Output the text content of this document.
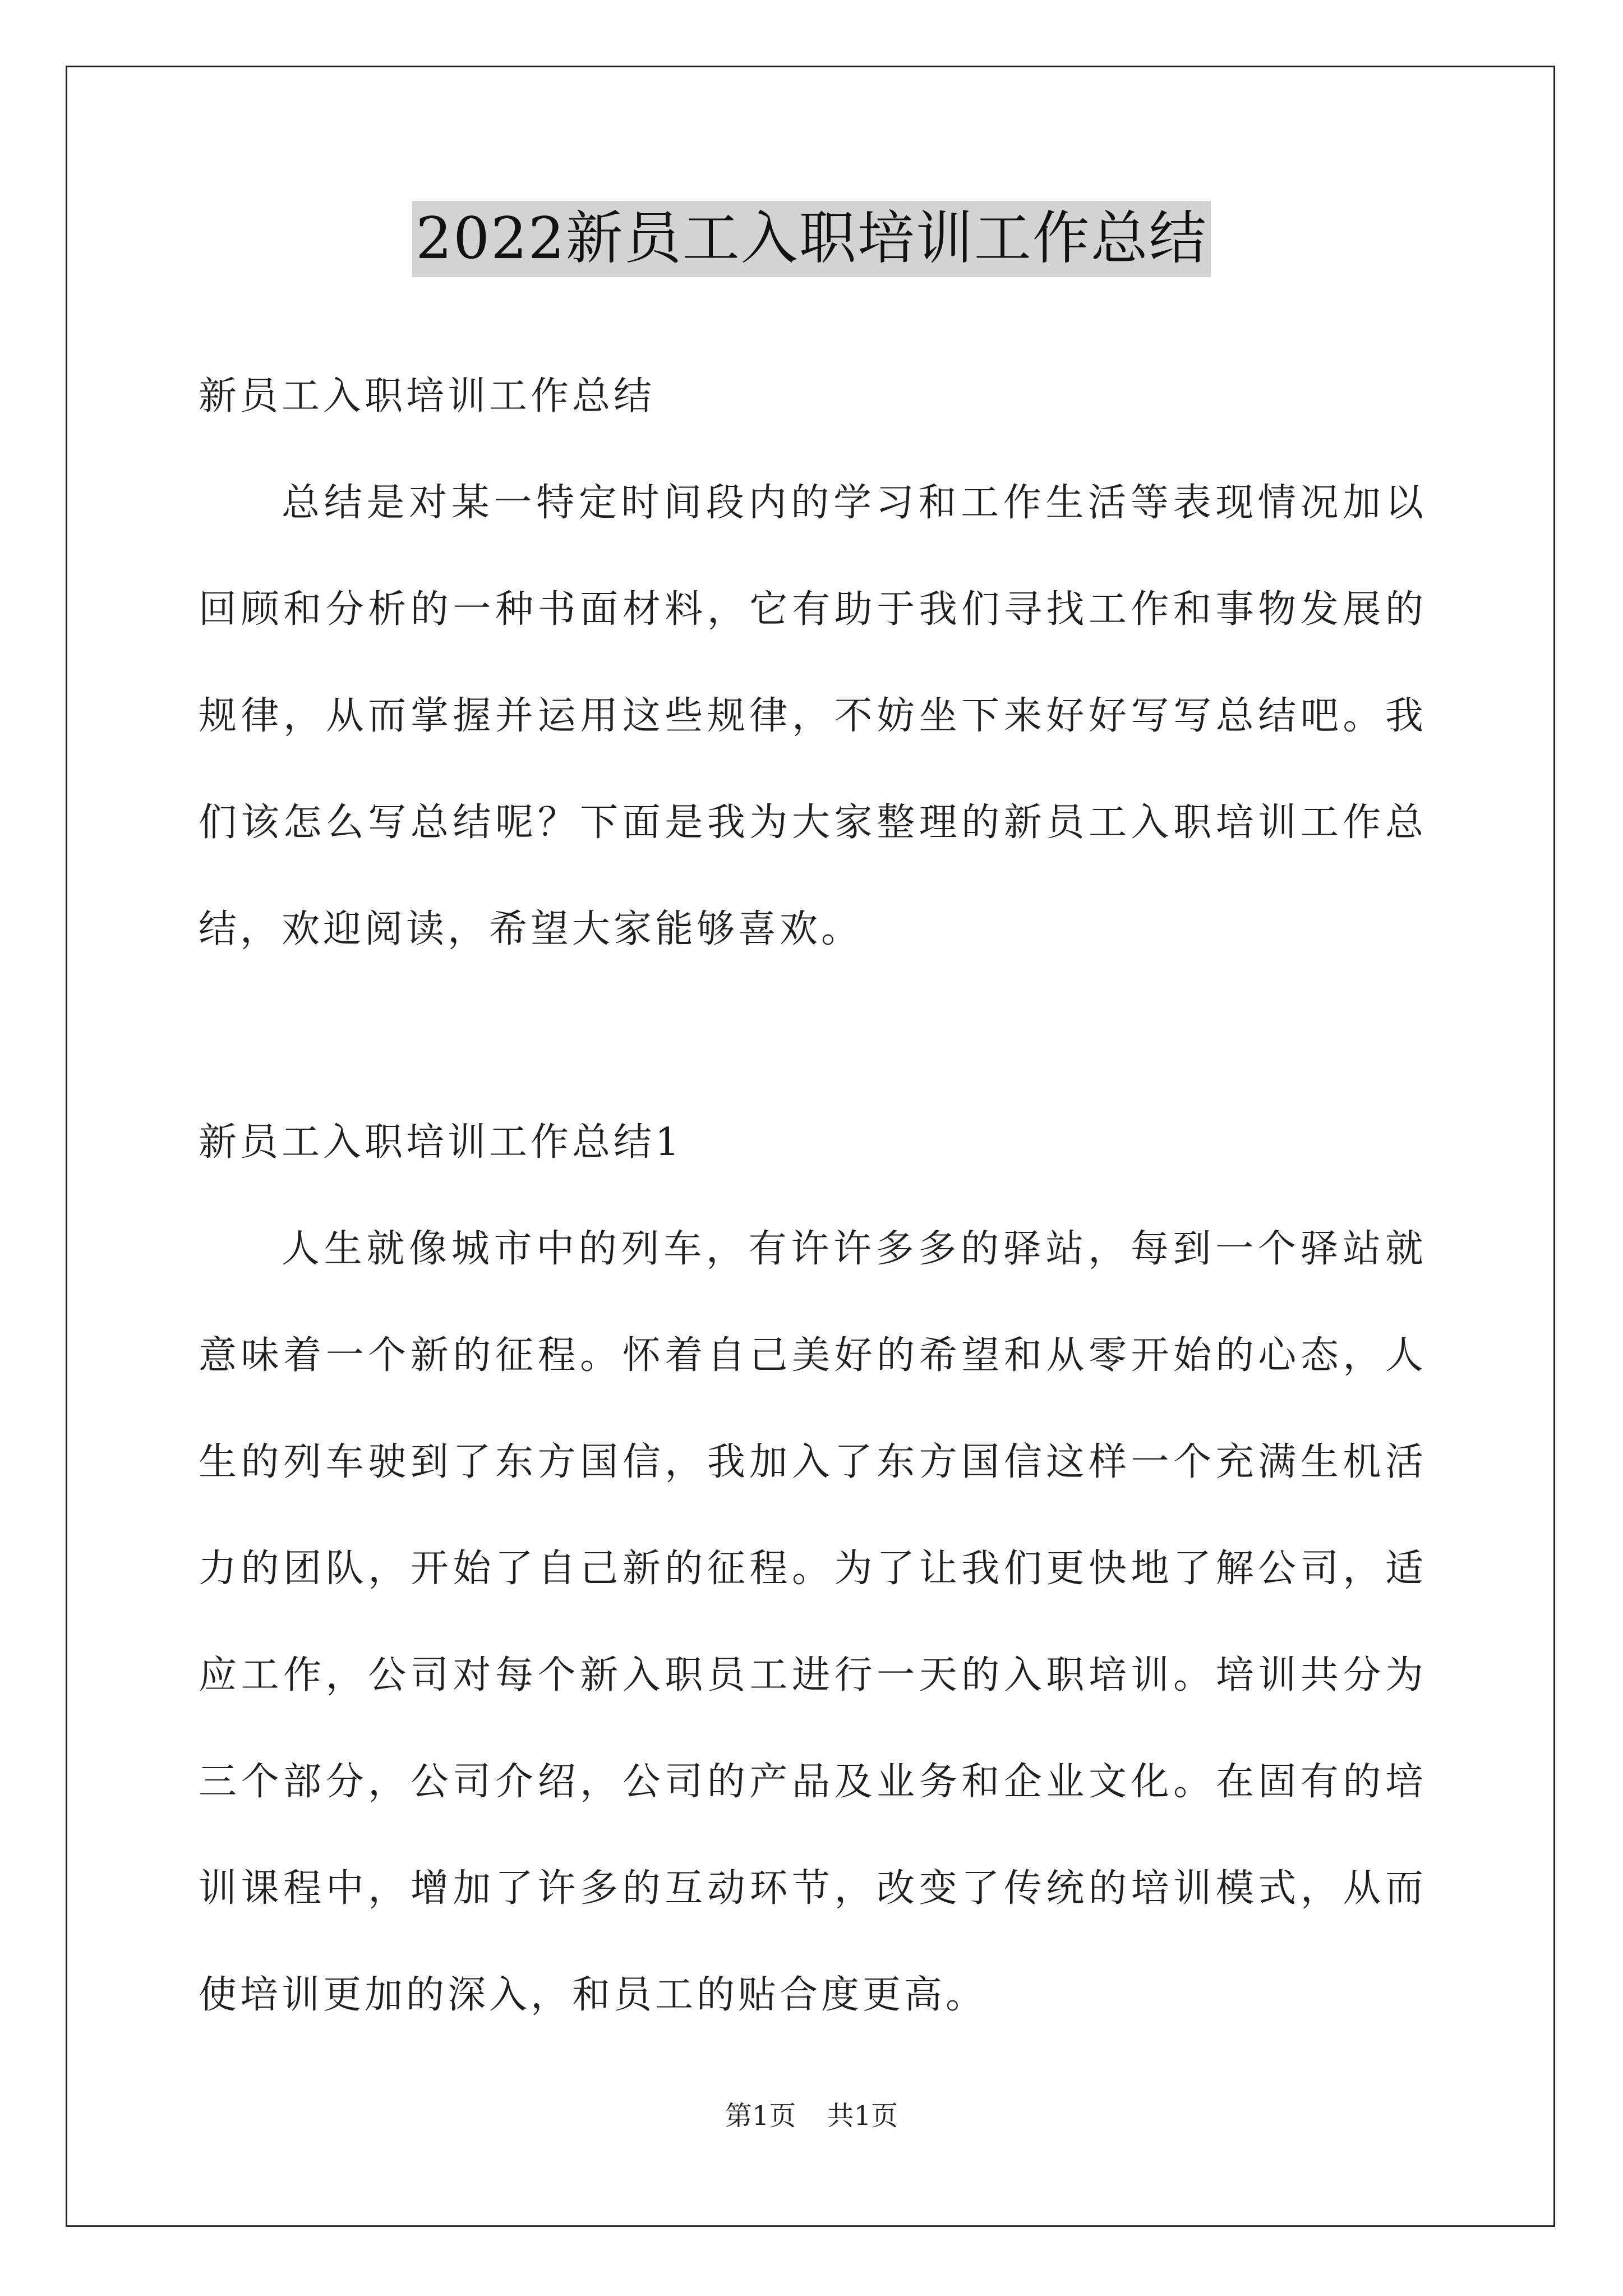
2022新员工入职培训工作总结

新员工入职培训工作总结

总结是对某一特定时间段内的学习和工作生活等表现情况加以回顾和分析的一种书面材料，它有助于我们寻找工作和事物发展的规律，从而掌握并运用这些规律，不妨坐下来好好写写总结吧。我们该怎么写总结呢？下面是我为大家整理的新员工入职培训工作总结，欢迎阅读，希望大家能够喜欢。

新员工入职培训工作总结1

人生就像城市中的列车，有许许多多的驿站，每到一个驿站就意味着一个新的征程。怀着自己美好的希望和从零开始的心态，人生的列车驶到了东方国信，我加入了东方国信这样一个充满生机活力的团队，开始了自己新的征程。为了让我们更快地了解公司，适应工作，公司对每个新入职员工进行一天的入职培训。培训共分为三个部分，公司介绍，公司的产品及业务和企业文化。在固有的培训课程中，增加了许多的互动环节，改变了传统的培训模式，从而使培训更加的深入，和员工的贴合度更高。

第1页 共1页
